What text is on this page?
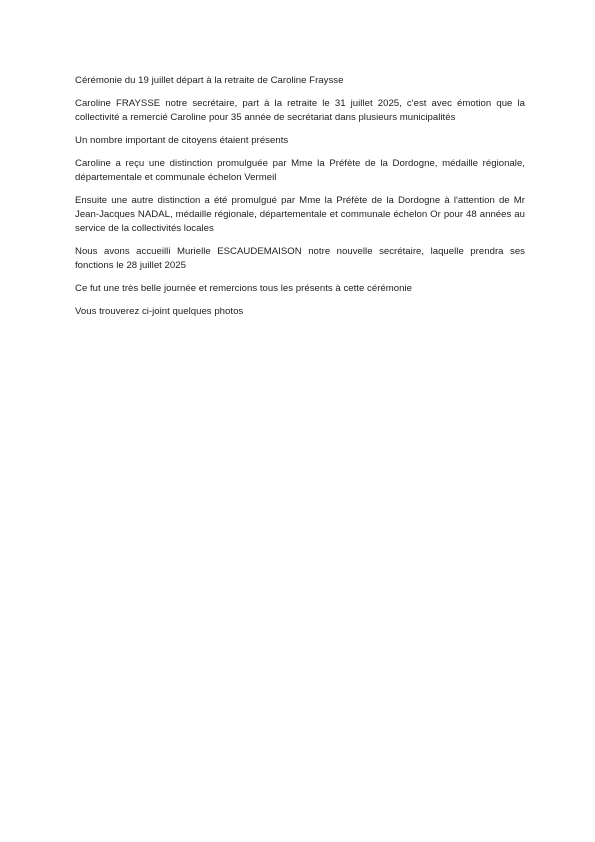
Cérémonie du 19 juillet départ à la retraite de Caroline Fraysse

Caroline FRAYSSE notre secrétaire, part à la retraite le 31 juillet 2025, c'est avec émotion que la collectivité a remercié Caroline pour 35 année de secrétariat dans plusieurs municipalités

Un nombre important de citoyens étaient présents

Caroline a reçu une distinction promulguée par Mme la Préfète de la Dordogne, médaille régionale, départementale et communale échelon Vermeil

Ensuite une autre distinction a été promulgué par Mme la Préfète de la Dordogne à l'attention de Mr Jean-Jacques NADAL, médaille régionale, départementale et communale échelon Or pour 48 années au service de la collectivités locales

Nous avons accueilli Murielle ESCAUDEMAISON notre nouvelle secrétaire, laquelle prendra ses fonctions le 28 juillet 2025

Ce fut une très belle journée et remercions tous les présents à cette cérémonie

Vous trouverez ci-joint quelques photos
